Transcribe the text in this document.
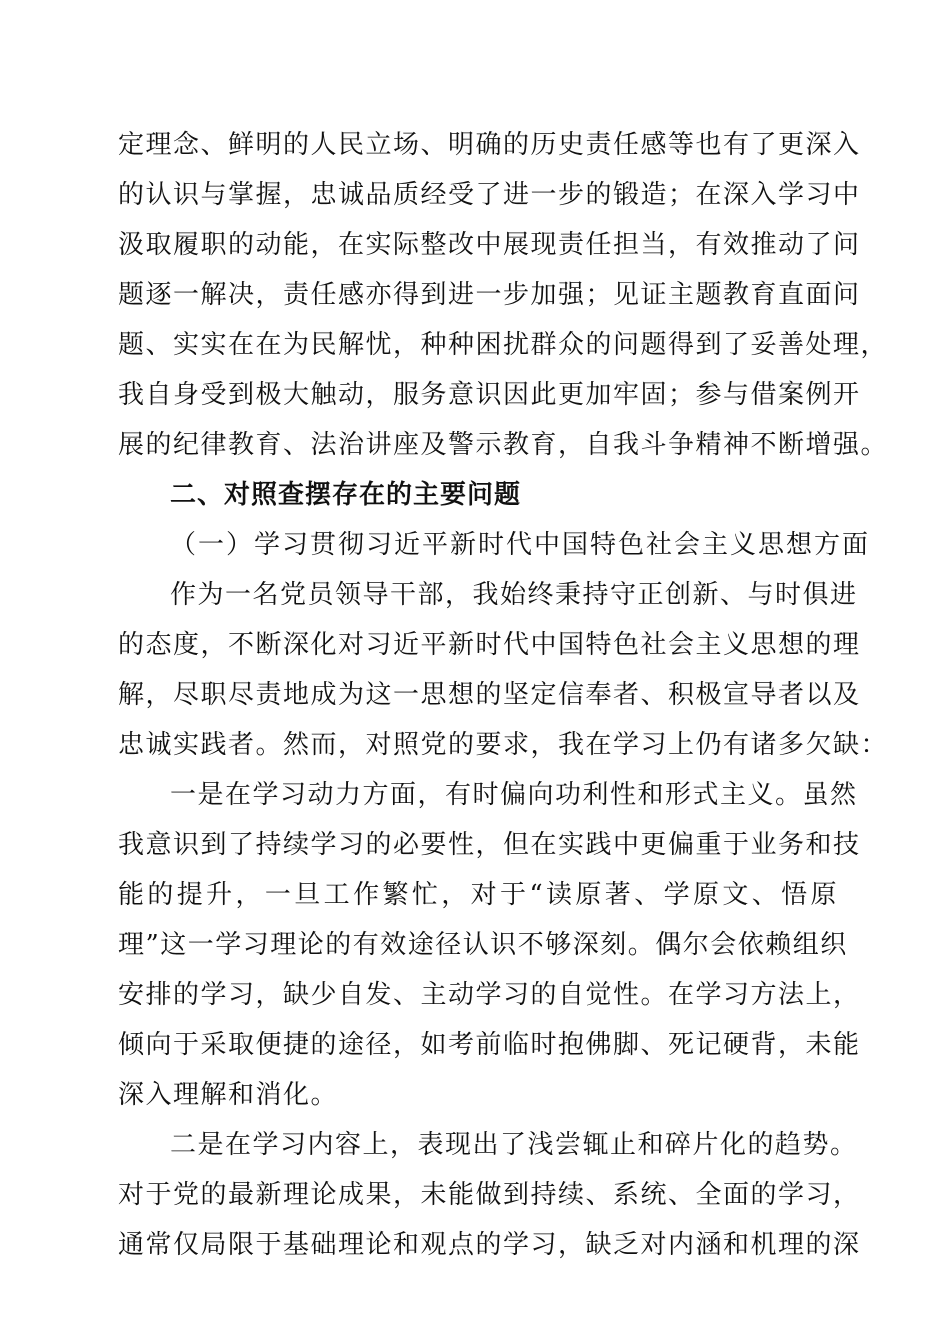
定理念、鲜明的人民立场、明确的历史责任感等也有了更深入
的认识与掌握，忠诚品质经受了进一步的锻造；在深入学习中
汲取履职的动能，在实际整改中展现责任担当，有效推动了问
题逐一解决，责任感亦得到进一步加强；见证主题教育直面问
题、实实在在为民解忧，种种困扰群众的问题得到了妥善处理，
我自身受到极大触动，服务意识因此更加牢固；参与借案例开
展的纪律教育、法治讲座及警示教育，自我斗争精神不断增强。
二、对照查摆存在的主要问题
（一）学习贯彻习近平新时代中国特色社会主义思想方面
作为一名党员领导干部，我始终秉持守正创新、与时俱进
的态度，不断深化对习近平新时代中国特色社会主义思想的理
解，尽职尽责地成为这一思想的坚定信奉者、积极宣导者以及
忠诚实践者。然而，对照党的要求，我在学习上仍有诸多欠缺：
一是在学习动力方面，有时偏向功利性和形式主义。虽然
我意识到了持续学习的必要性，但在实践中更偏重于业务和技
能的提升，一旦工作繁忙，对于“读原著、学原文、悟原
理”这一学习理论的有效途径认识不够深刻。偶尔会依赖组织
安排的学习，缺少自发、主动学习的自觉性。在学习方法上，
倾向于采取便捷的途径，如考前临时抱佛脚、死记硬背，未能
深入理解和消化。
二是在学习内容上，表现出了浅尝辄止和碎片化的趋势。
对于党的最新理论成果，未能做到持续、系统、全面的学习，
通常仅局限于基础理论和观点的学习，缺乏对内涵和机理的深
